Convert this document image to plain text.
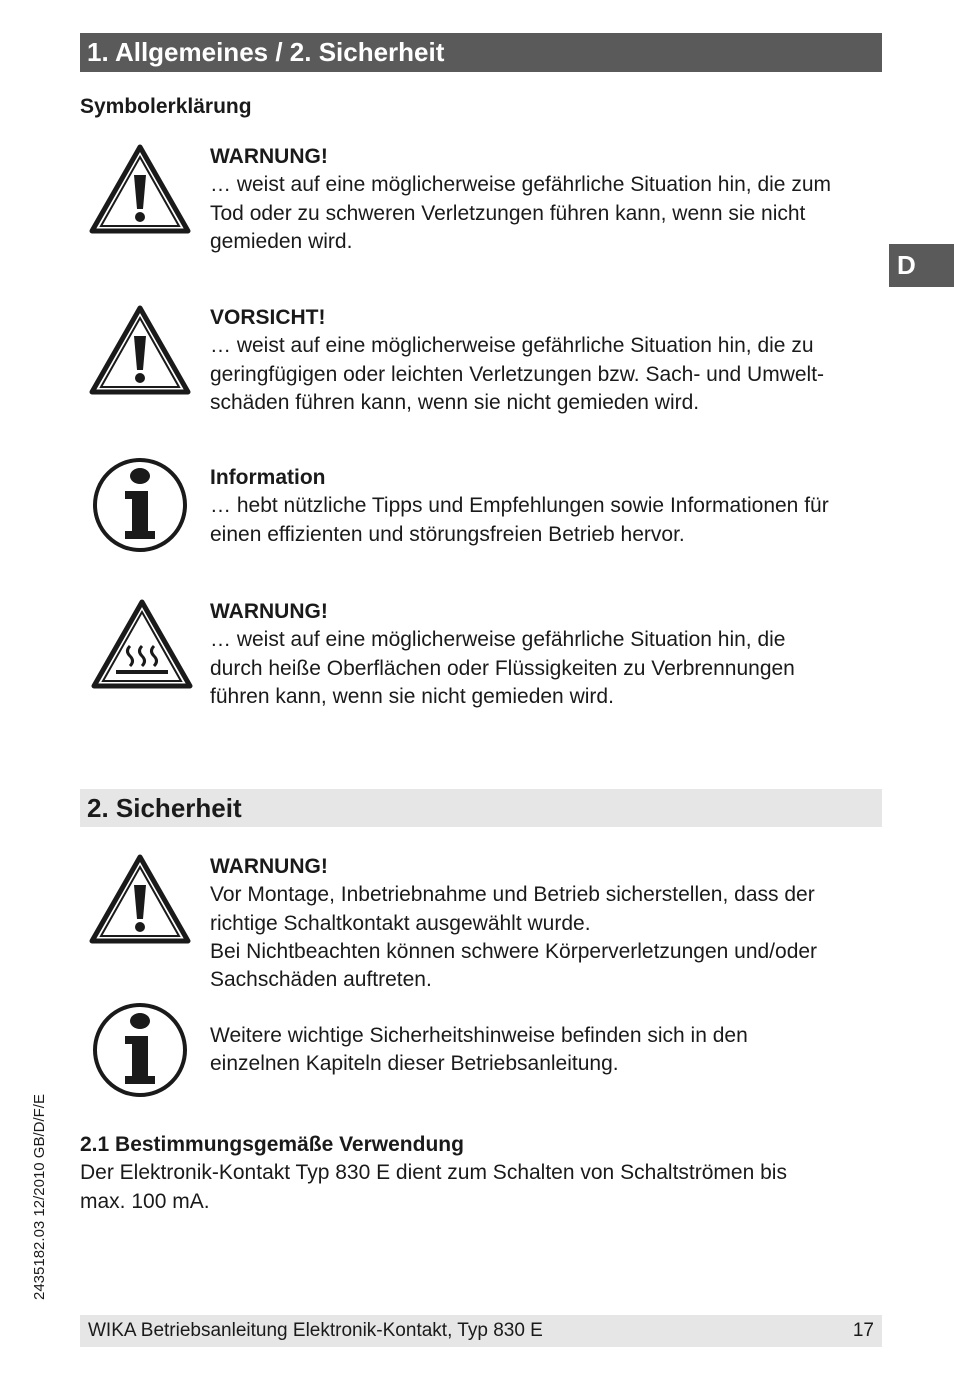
1. Allgemeines / 2. Sicherheit
D
Symbolerklärung
WARNUNG!
… weist auf eine möglicherweise gefährliche Situation hin, die zum
Tod oder zu schweren Verletzungen führen kann, wenn sie nicht
gemieden wird.
VORSICHT!
… weist auf eine möglicherweise gefährliche Situation hin, die zu
geringfügigen oder leichten Verletzungen bzw. Sach- und Umwelt-
schäden führen kann, wenn sie nicht gemieden wird.
Information
… hebt nützliche Tipps und Empfehlungen sowie Informationen für
einen effizienten und störungsfreien Betrieb hervor.
WARNUNG!
… weist auf eine möglicherweise gefährliche Situation hin, die
durch heiße Oberflächen oder Flüssigkeiten zu Verbrennungen
führen kann, wenn sie nicht gemieden wird.
2. Sicherheit
WARNUNG!
Vor Montage, Inbetriebnahme und Betrieb sicherstellen, dass der
richtige Schaltkontakt ausgewählt wurde.
Bei Nichtbeachten können schwere Körperverletzungen und/oder
Sachschäden auftreten.
Weitere wichtige Sicherheitshinweise befinden sich in den
einzelnen Kapiteln dieser Betriebsanleitung.
2.1 Bestimmungsgemäße Verwendung
Der Elektronik-Kontakt Typ 830 E dient zum Schalten von Schaltströmen bis
max. 100 mA.
2435182.03 12/2010 GB/D/F/E
WIKA Betriebsanleitung Elektronik-Kontakt, Typ 830 E	17
